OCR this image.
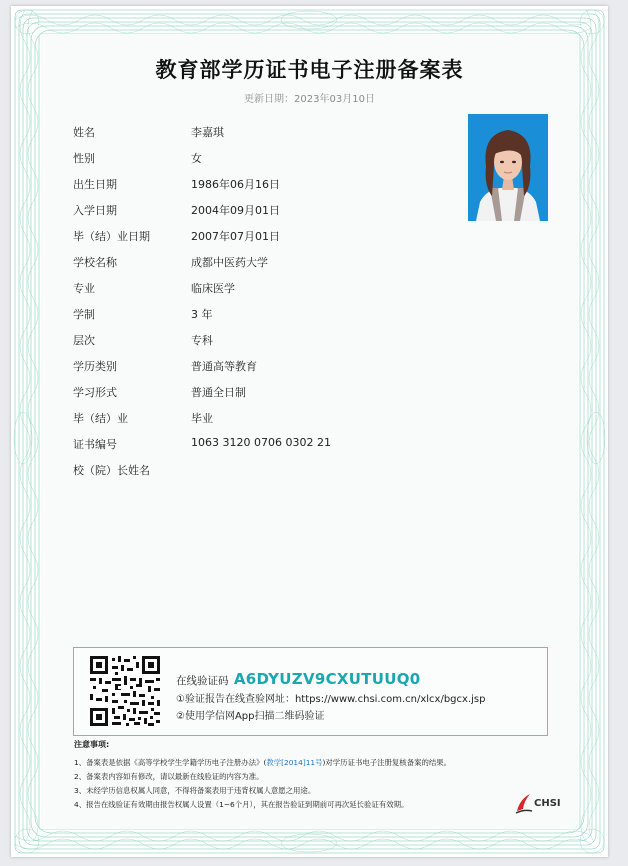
教育部学历证书电子注册备案表
更新日期：2023年03月10日
姓名	李嘉琪
性别	女
出生日期	1986年06月16日
入学日期	2004年09月01日
毕（结）业日期	2007年07月01日
学校名称	成都中医药大学
专业	临床医学
学制	3 年
层次	专科
学历类别	普通高等教育
学习形式	普通全日制
毕（结）业	毕业
证书编号	1063 3120 0706 0302 21
校（院）长姓名
在线验证码 A6DYUZV9CXUTUUQ0
①验证报告在线查验网址：https://www.chsi.com.cn/xlcx/bgcx.jsp
②使用学信网App扫描二维码验证
注意事项:
1、备案表是依据《高等学校学生学籍学历电子注册办法》(教学[2014]11号)对学历证书电子注册复核备案的结果。
2、备案表内容如有修改，请以最新在线验证的内容为准。
3、未经学历信息权属人同意，不得将备案表用于违背权属人意愿之用途。
4、报告在线验证有效期由报告权属人设置（1~6个月），其在报告验证到期前可再次延长验证有效期。	CHSI
